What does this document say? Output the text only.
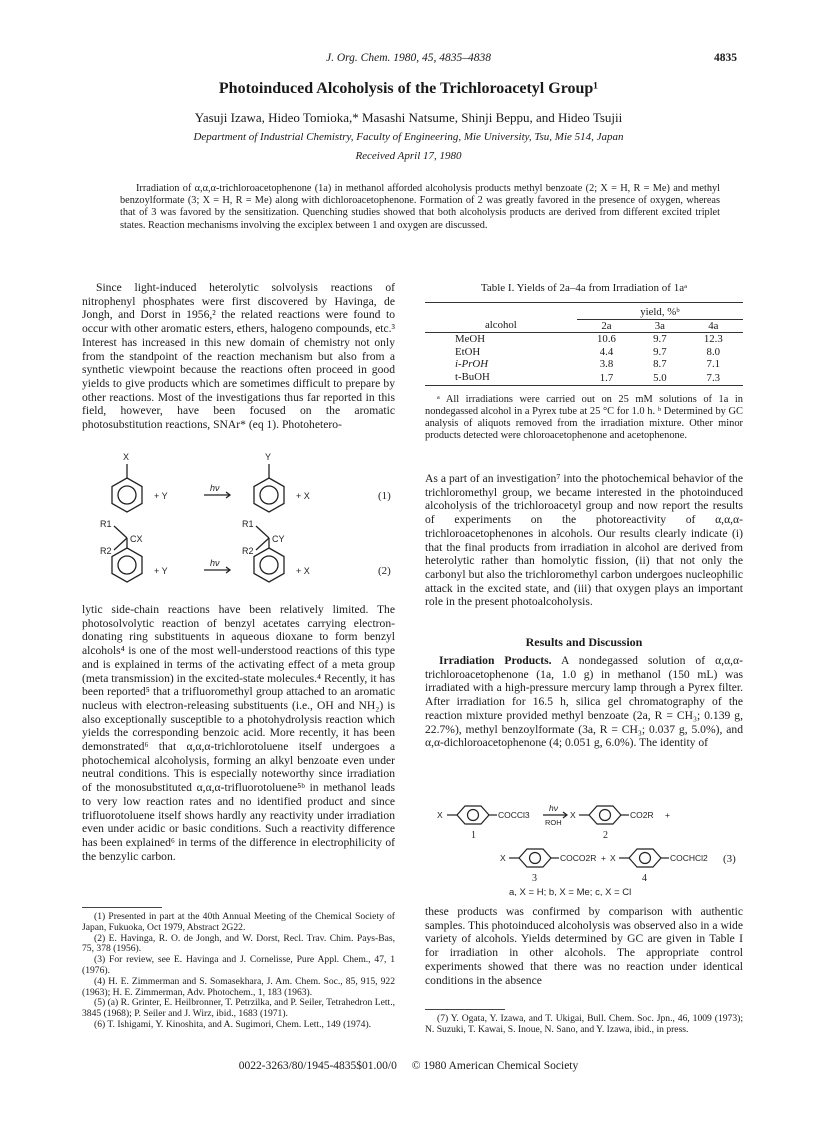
J. Org. Chem. 1980, 45, 4835–4838	4835
Photoinduced Alcoholysis of the Trichloroacetyl Group¹
Yasuji Izawa, Hideo Tomioka,* Masashi Natsume, Shinji Beppu, and Hideo Tsujii
Department of Industrial Chemistry, Faculty of Engineering, Mie University, Tsu, Mie 514, Japan
Received April 17, 1980
Irradiation of α,α,α-trichloroacetophenone (1a) in methanol afforded alcoholysis products methyl benzoate (2; X = H, R = Me) and methyl benzoylformate (3; X = H, R = Me) along with dichloroacetophenone. Formation of 2 was greatly favored in the presence of oxygen, whereas that of 3 was favored by the sensitization. Quenching studies showed that both alcoholysis products are derived from different excited triplet states. Reaction mechanisms involving the exciplex between 1 and oxygen are discussed.

Since light-induced heterolytic solvolysis reactions of nitrophenyl phosphates were first discovered by Havinga, de Jongh, and Dorst in 1956,² the related reactions were found to occur with other aromatic esters, ethers, halogeno compounds, etc.³ Interest has increased in this new domain of chemistry not only from the standpoint of the reaction mechanism but also from a synthetic viewpoint because the reactions often proceed in good yields to give products which are sometimes difficult to prepare by other reactions. Most of the investigations thus far reported in this field, however, have been focused on the aromatic photosubstitution reactions, SNAr* (eq 1). Photohetero-

X
+ Y
hν
Y
+ X	(1)
R1
CX
R2
+ Y
hν
R1
CY
R2
+ X	(2)

lytic side-chain reactions have been relatively limited. The photosolvolytic reaction of benzyl acetates carrying electron-donating ring substituents in aqueous dioxane to form benzyl alcohols⁴ is one of the most well-understood reactions of this type and is explained in terms of the activating effect of a meta group (meta transmission) in the excited-state molecules.⁴ Recently, it has been reported⁵ that a trifluoromethyl group attached to an aromatic nucleus with electron-releasing substituents (i.e., OH and NH₂) is also exceptionally susceptible to a photohydrolysis reaction which yields the corresponding benzoic acid. More recently, it has been demonstrated⁶ that α,α,α-trichlorotoluene itself undergoes a photochemical alcoholysis, forming an alkyl benzoate even under neutral conditions. This is especially noteworthy since irradiation of the monosubstituted α,α,α-trifluorotoluene⁵ᵇ in methanol leads to very low reaction rates and no identified product and since trifluorotoluene itself shows hardly any reactivity under irradiation even under acidic or basic conditions. Such a reactivity difference has been explained⁶ in terms of the difference in electrophilicity of the benzylic carbon.

(1) Presented in part at the 40th Annual Meeting of the Chemical Society of Japan, Fukuoka, Oct 1979, Abstract 2G22.
(2) E. Havinga, R. O. de Jongh, and W. Dorst, Recl. Trav. Chim. Pays-Bas, 75, 378 (1956).
(3) For review, see E. Havinga and J. Cornelisse, Pure Appl. Chem., 47, 1 (1976).
(4) H. E. Zimmerman and S. Somasekhara, J. Am. Chem. Soc., 85, 915, 922 (1963); H. E. Zimmerman, Adv. Photochem., 1, 183 (1963).
(5) (a) R. Grinter, E. Heilbronner, T. Petrzilka, and P. Seiler, Tetrahedron Lett., 3845 (1968); P. Seiler and J. Wirz, ibid., 1683 (1971).
(6) T. Ishigami, Y. Kinoshita, and A. Sugimori, Chem. Lett., 149 (1974).
Table I. Yields of 2a–4a from Irradiation of 1aᵃ
	yield, %ᵇ		
alcohol	2a	3a	4a
MeOH	10.6	9.7	12.3
EtOH	4.4	9.7	8.0
i-PrOH	3.8	8.7	7.1
t-BuOH	1.7	5.0	7.3
ᵃ All irradiations were carried out on 25 mM solutions of 1a in nondegassed alcohol in a Pyrex tube at 25 °C for 1.0 h. ᵇ Determined by GC analysis of aliquots removed from the irradiation mixture. Other minor products detected were chloroacetophenone and acetophenone.

As a part of an investigation⁷ into the photochemical behavior of the trichloromethyl group, we became interested in the photoinduced alcoholysis of the trichloroacetyl group and now report the results of experiments on the photoreactivity of α,α,α-trichloroacetophenones in alcohols. Our results clearly indicate (i) that the final products from irradiation in alcohol are derived from heterolytic rather than homolytic fission, (ii) that not only the carbonyl but also the trichloromethyl carbon undergoes nucleophilic attack in the excited state, and (iii) that oxygen plays an important role in the present photoalcoholysis.

Results and Discussion

Irradiation Products. A nondegassed solution of α,α,α-trichloroacetophenone (1a, 1.0 g) in methanol (150 mL) was irradiated with a high-pressure mercury lamp through a Pyrex filter. After irradiation for 16.5 h, silica gel chromatography of the reaction mixture provided methyl benzoate (2a, R = CH₃; 0.139 g, 22.7%), methyl benzoylformate (3a, R = CH₃; 0.037 g, 5.0%), and α,α-dichloroacetophenone (4; 0.051 g, 6.0%). The identity of

X	COCCl3
hν
ROH
X	CO2R +
1	2
X	COCO2R + X	COCHCl2 (3)
3	4
a, X = H; b, X = Me; c, X = Cl

these products was confirmed by comparison with authentic samples. This photoinduced alcoholysis was observed also in a wide variety of alcohols. Yields determined by GC are given in Table I for irradiation in other alcohols. The appropriate control experiments showed that there was no reaction under identical conditions in the absence

(7) Y. Ogata, Y. Izawa, and T. Ukigai, Bull. Chem. Soc. Jpn., 46, 1009 (1973); N. Suzuki, T. Kawai, S. Inoue, N. Sano, and Y. Izawa, ibid., in press.
0022-3263/80/1945-4835$01.00/0 © 1980 American Chemical Society
